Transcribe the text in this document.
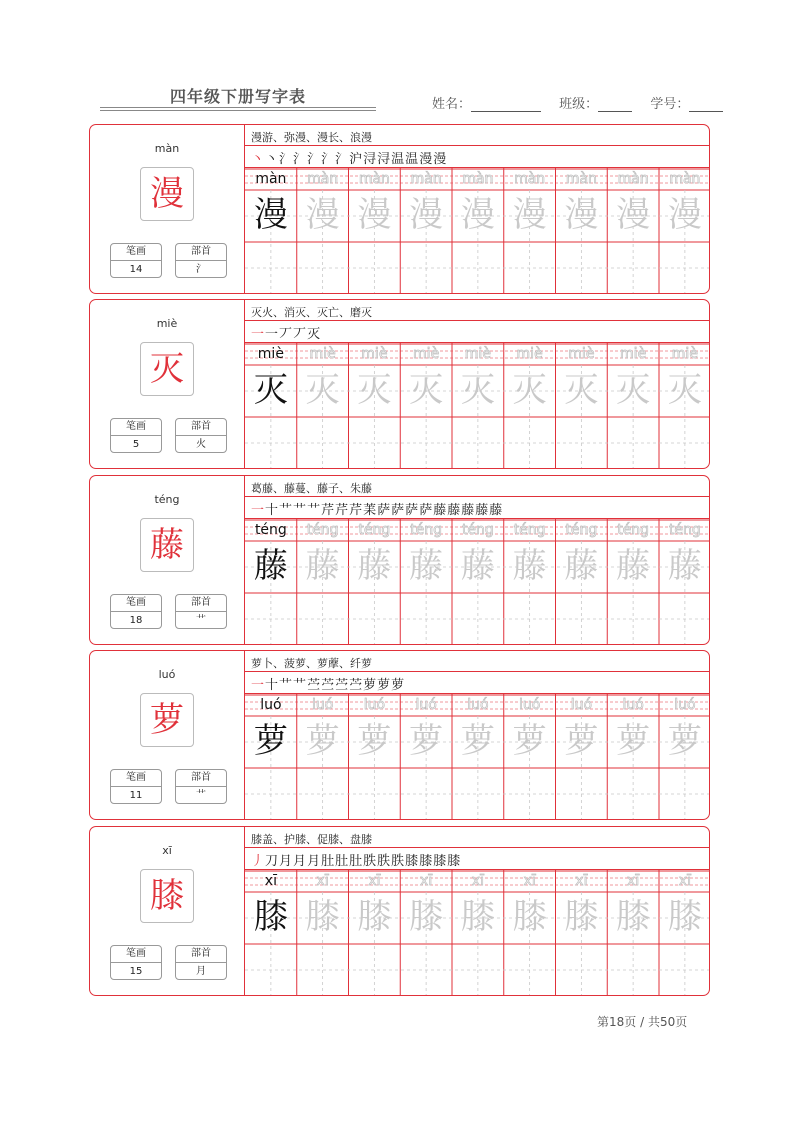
四年级下册写字表	姓名：	班级：	学号：
màn
漫
笔画
14
部首
氵
漫游、弥漫、漫长、浪漫
丶丶氵氵氵氵氵沪浔浔温温漫漫
màn
漫
màn
漫
màn
漫
màn
漫
màn
漫
màn
漫
màn
漫
màn
漫
màn
漫
miè
灭
笔画
5
部首
火
灭火、消灭、灭亡、磨灭
一一丆丆灭
miè
灭
miè
灭
miè
灭
miè
灭
miè
灭
miè
灭
miè
灭
miè
灭
miè
灭
téng
藤
笔画
18
部首
艹
葛藤、藤蔓、藤子、朱藤
一十艹艹艹芹芹芹䒹萨萨萨萨藤藤藤藤藤
téng
藤
téng
藤
téng
藤
téng
藤
téng
藤
téng
藤
téng
藤
téng
藤
téng
藤
luó
萝
笔画
11
部首
艹
萝卜、菠萝、萝藦、纤萝
一十艹艹苎苎苎苎萝萝萝
luó
萝
luó
萝
luó
萝
luó
萝
luó
萝
luó
萝
luó
萝
luó
萝
luó
萝
xī
膝
笔画
15
部首
月
膝盖、护膝、促膝、盘膝
丿刀月月月肚肚肚胅胅胅膝膝膝膝
xī
膝
xī
膝
xī
膝
xī
膝
xī
膝
xī
膝
xī
膝
xī
膝
xī
膝
第18页 / 共50页
